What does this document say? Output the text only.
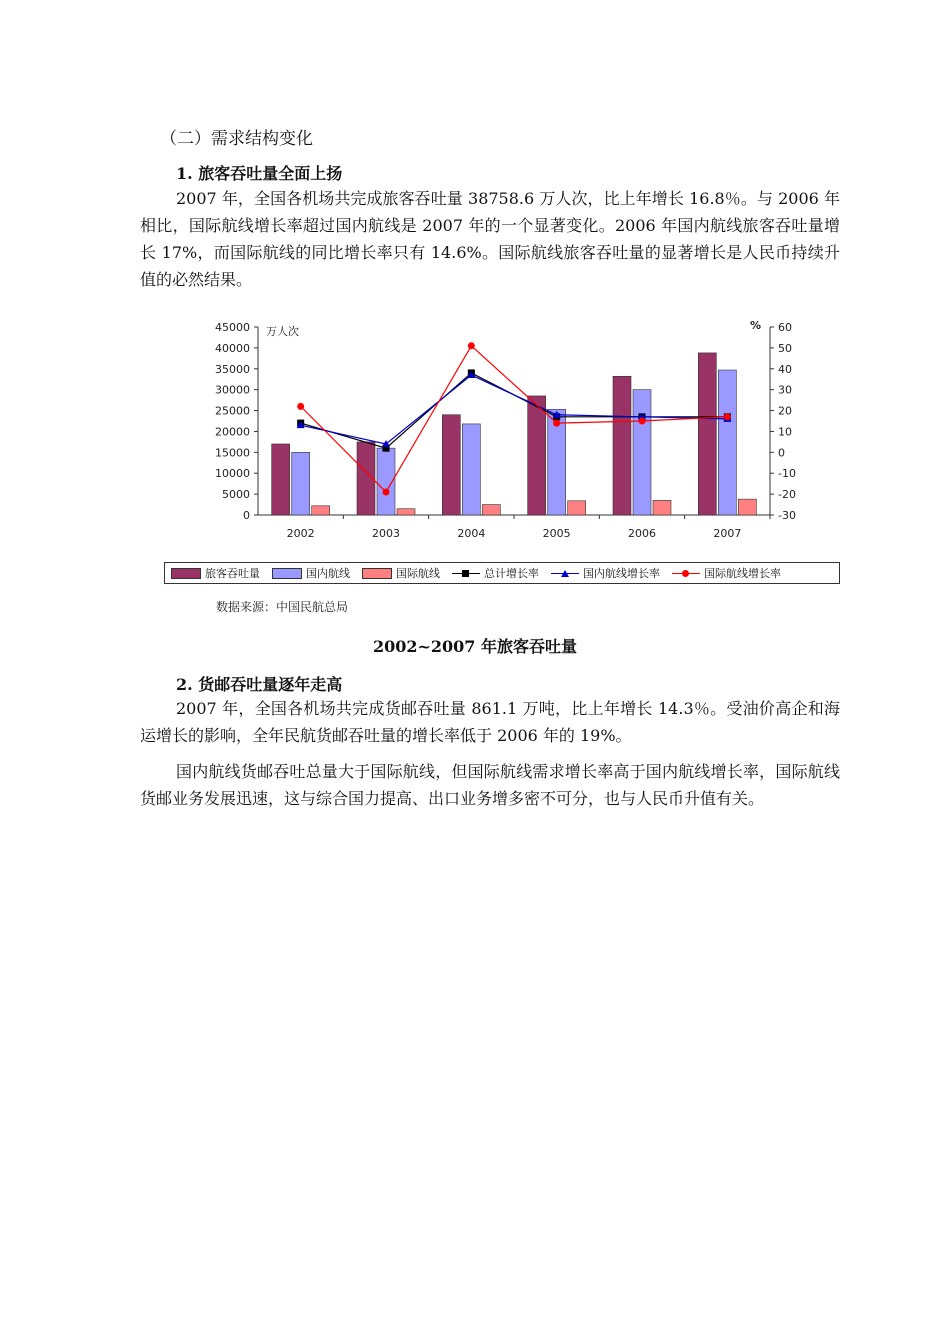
（二）需求结构变化
1. 旅客吞吐量全面上扬
2007 年，全国各机场共完成旅客吞吐量 38758.6 万人次，比上年增长 16.8％。与 2006 年相比，国际航线增长率超过国内航线是 2007 年的一个显著变化。2006 年国内航线旅客吞吐量增长 17%，而国际航线的同比增长率只有 14.6%。国际航线旅客吞吐量的显著增长是人民币持续升值的必然结果。
0
5000
10000
15000
20000
25000
30000
35000
40000
45000
-30
-20
-10
0
10
20
30
40
50
60
万人次	%
2002	2003	2004	2005	2006	2007
旅客吞吐量	国内航线	国际航线	总计增长率	国内航线增长率	国际航线增长率
数据来源：中国民航总局
2002~2007 年旅客吞吐量
2. 货邮吞吐量逐年走高
2007 年，全国各机场共完成货邮吞吐量 861.1 万吨，比上年增长 14.3％。受油价高企和海运增长的影响，全年民航货邮吞吐量的增长率低于 2006 年的 19%。
国内航线货邮吞吐总量大于国际航线，但国际航线需求增长率高于国内航线增长率，国际航线货邮业务发展迅速，这与综合国力提高、出口业务增多密不可分，也与人民币升值有关。
